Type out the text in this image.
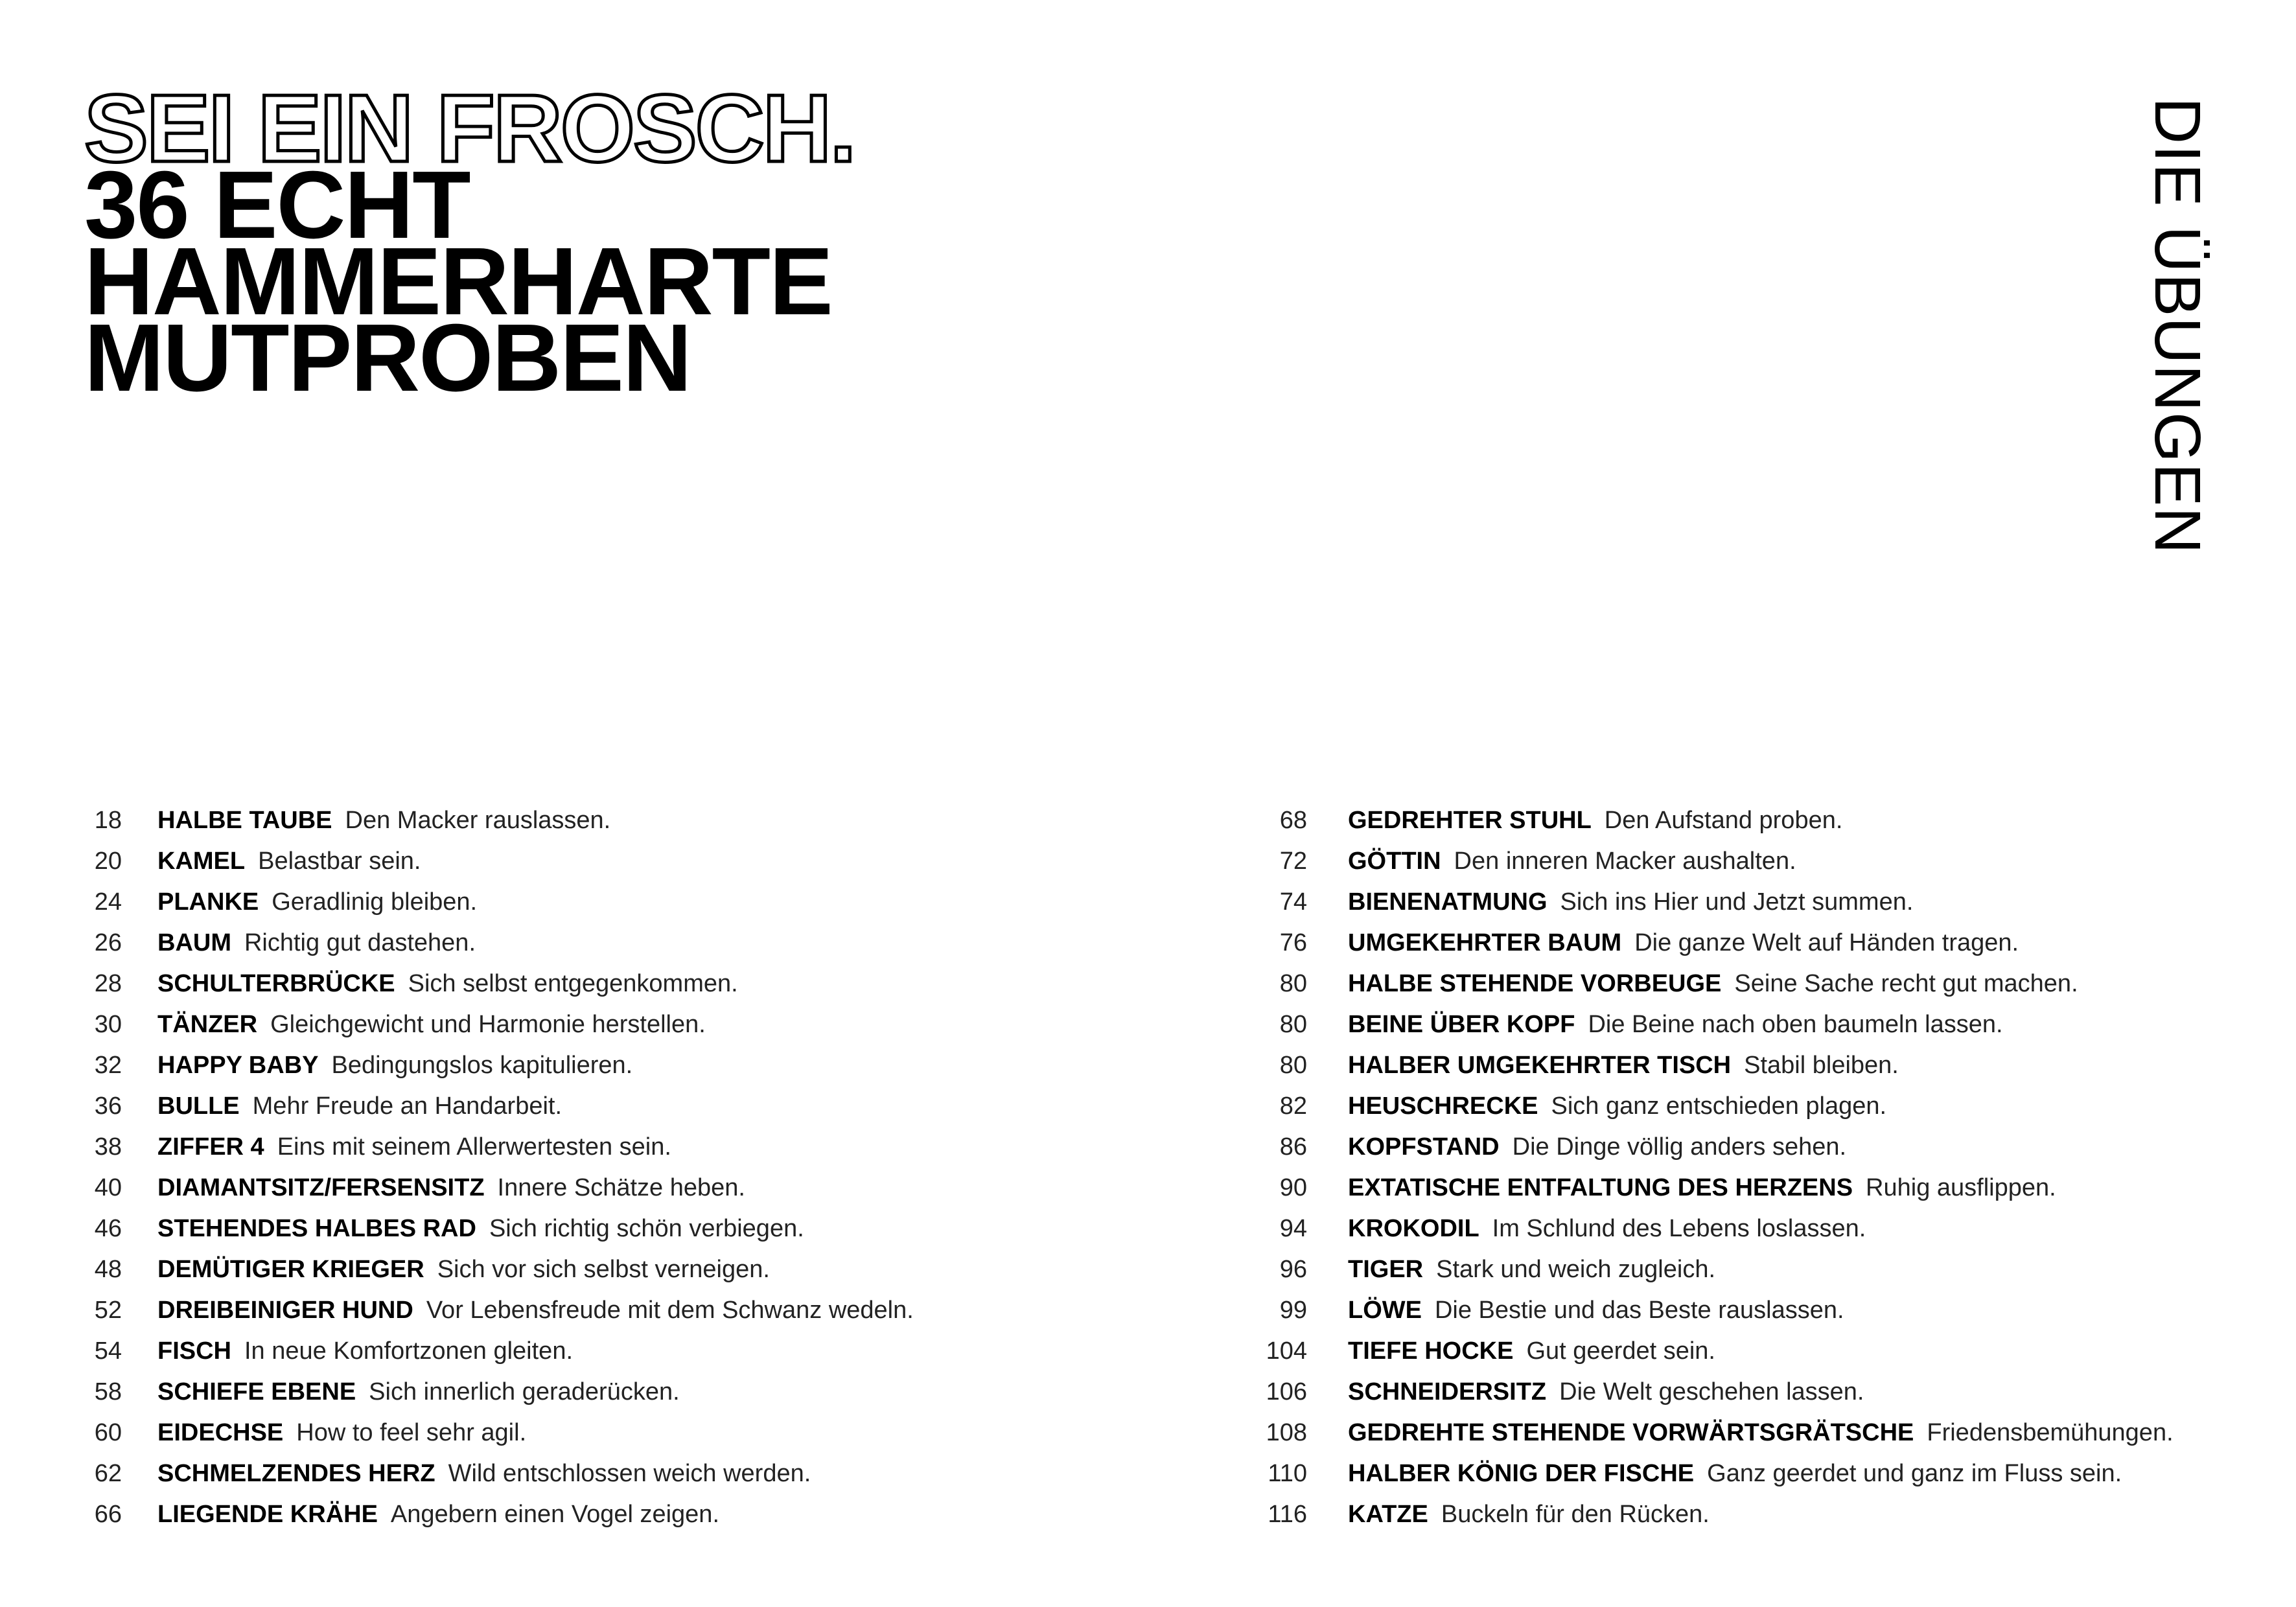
SEI EIN FROSCH.
36 ECHT
HAMMERHARTE
MUTPROBEN	DIE ÜBUNGEN
18 HALBE TAUBE Den Macker rauslassen.
20 KAMEL Belastbar sein.
24 PLANKE Geradlinig bleiben.
26 BAUM Richtig gut dastehen.
28 SCHULTERBRÜCKE Sich selbst entgegenkommen.
30 TÄNZER Gleichgewicht und Harmonie herstellen.
32 HAPPY BABY Bedingungslos kapitulieren.
36 BULLE Mehr Freude an Handarbeit.
38 ZIFFER 4 Eins mit seinem Allerwertesten sein.
40 DIAMANTSITZ/FERSENSITZ Innere Schätze heben.
46 STEHENDES HALBES RAD Sich richtig schön verbiegen.
48 DEMÜTIGER KRIEGER Sich vor sich selbst verneigen.
52 DREIBEINIGER HUND Vor Lebensfreude mit dem Schwanz wedeln.
54 FISCH In neue Komfortzonen gleiten.
58 SCHIEFE EBENE Sich innerlich geraderücken.
60 EIDECHSE How to feel sehr agil.
62 SCHMELZENDES HERZ Wild entschlossen weich werden.
66 LIEGENDE KRÄHE Angebern einen Vogel zeigen.
68 GEDREHTER STUHL Den Aufstand proben.
72 GÖTTIN Den inneren Macker aushalten.
74 BIENENATMUNG Sich ins Hier und Jetzt summen.
76 UMGEKEHRTER BAUM Die ganze Welt auf Händen tragen.
80 HALBE STEHENDE VORBEUGE Seine Sache recht gut machen.
80 BEINE ÜBER KOPF Die Beine nach oben baumeln lassen.
80 HALBER UMGEKEHRTER TISCH Stabil bleiben.
82 HEUSCHRECKE Sich ganz entschieden plagen.
86 KOPFSTAND Die Dinge völlig anders sehen.
90 EXTATISCHE ENTFALTUNG DES HERZENS Ruhig ausflippen.
94 KROKODIL Im Schlund des Lebens loslassen.
96 TIGER Stark und weich zugleich.
99 LÖWE Die Bestie und das Beste rauslassen.
104 TIEFE HOCKE Gut geerdet sein.
106 SCHNEIDERSITZ Die Welt geschehen lassen.
108 GEDREHTE STEHENDE VORWÄRTSGRÄTSCHE Friedensbemühungen.
110 HALBER KÖNIG DER FISCHE Ganz geerdet und ganz im Fluss sein.
116 KATZE Buckeln für den Rücken.
